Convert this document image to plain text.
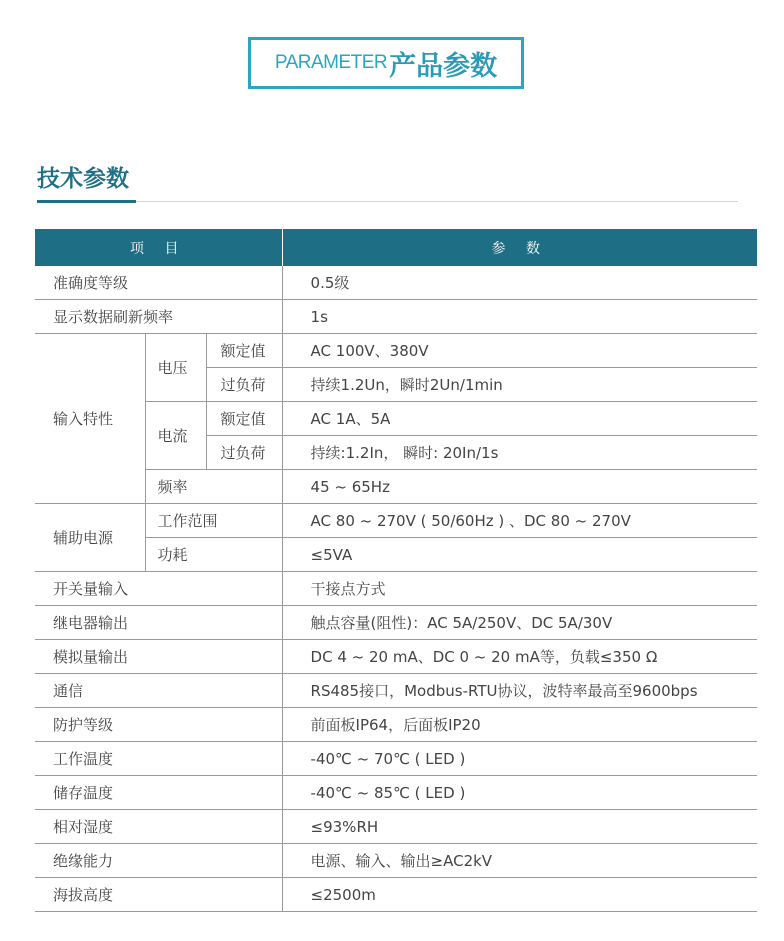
PARAMETER 产品参数
技术参数
项 目			参 数
准确度等级			0.5级
显示数据刷新频率			1s
输入特性	电压	额定值	AC 100V、380V
		过负荷	持续1.2Un，瞬时2Un/1min
	电流	额定值	AC 1A、5A
		过负荷	持续:1.2In， 瞬时: 20In/1s
	频率		45 ~ 65Hz
辅助电源	工作范围		AC 80 ~ 270V ( 50/60Hz ) 、DC 80 ~ 270V
	功耗		≤5VA
开关量输入			干接点方式
继电器输出			触点容量(阻性)：AC 5A/250V、DC 5A/30V
模拟量输出			DC 4 ~ 20 mA、DC 0 ~ 20 mA等，负载≤350 Ω
通信			RS485接口，Modbus-RTU协议，波特率最高至9600bps
防护等级			前面板IP64，后面板IP20
工作温度			-40℃ ~ 70℃ ( LED )
储存温度			-40℃ ~ 85℃ ( LED )
相对湿度			≤93%RH
绝缘能力			电源、输入、输出≥AC2kV
海拔高度			≤2500m
